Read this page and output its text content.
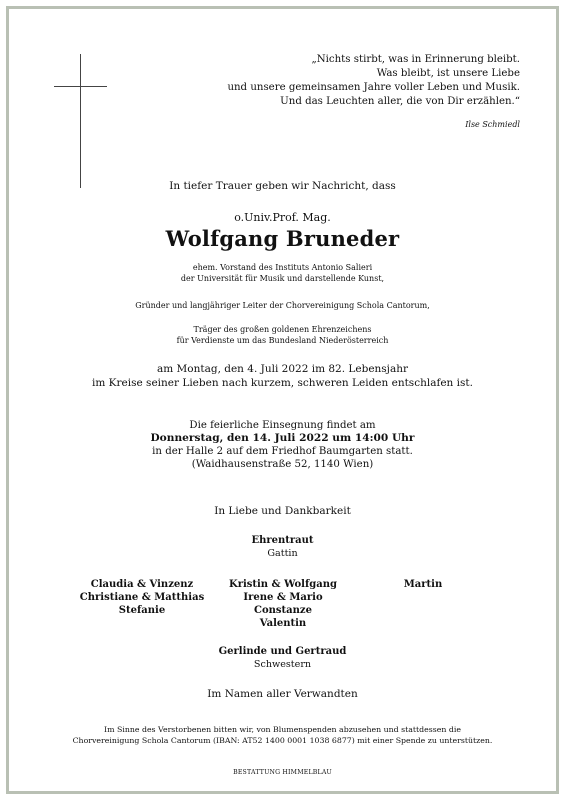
„Nichts stirbt, was in Erinnerung bleibt.
Was bleibt, ist unsere Liebe
und unsere gemeinsamen Jahre voller Leben und Musik.
Und das Leuchten aller, die von Dir erzählen.“
Ilse Schmiedl
In tiefer Trauer geben wir Nachricht, dass
o.Univ.Prof. Mag.
Wolfgang Bruneder
ehem. Vorstand des Instituts Antonio Salieri
der Universität für Musik und darstellende Kunst,
Gründer und langjähriger Leiter der Chorvereinigung Schola Cantorum,
Träger des großen goldenen Ehrenzeichens
für Verdienste um das Bundesland Niederösterreich
am Montag, den 4. Juli 2022 im 82. Lebensjahr
im Kreise seiner Lieben nach kurzem, schweren Leiden entschlafen ist.
Die feierliche Einsegnung findet am
Donnerstag, den 14. Juli 2022 um 14:00 Uhr
in der Halle 2 auf dem Friedhof Baumgarten statt.
(Waidhausenstraße 52, 1140 Wien)
In Liebe und Dankbarkeit
Ehrentraut
Gattin
Claudia & Vinzenz
Christiane & Matthias
Stefanie
Kristin & Wolfgang
Irene & Mario
Constanze
Valentin
Martin
Gerlinde und Gertraud
Schwestern
Im Namen aller Verwandten
Im Sinne des Verstorbenen bitten wir, von Blumenspenden abzusehen und stattdessen die
Chorvereinigung Schola Cantorum (IBAN: AT52 1400 0001 1038 6877) mit einer Spende zu unterstützen.
BESTATTUNG HIMMELBLAU
